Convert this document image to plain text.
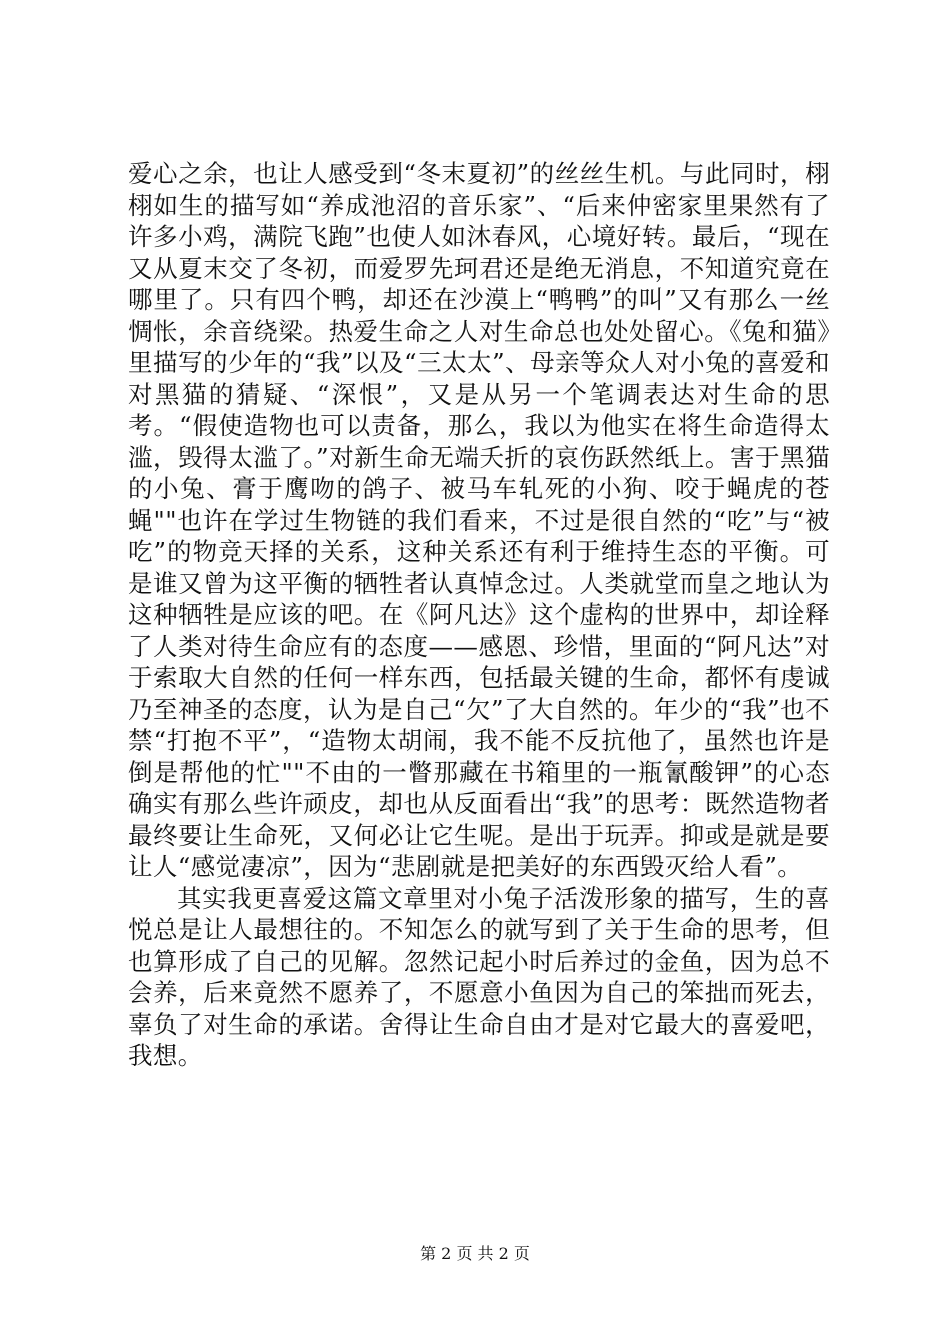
爱心之余，也让人感受到“冬末夏初”的丝丝生机。与此同时，栩栩如生的描写如“养成池沼的音乐家”、“后来仲密家里果然有了许多小鸡，满院飞跑”也使人如沐春风，心境好转。最后，“现在又从夏末交了冬初，而爱罗先珂君还是绝无消息，不知道究竟在哪里了。只有四个鸭，却还在沙漠上“鸭鸭”的叫”又有那么一丝惆怅，余音绕梁。热爱生命之人对生命总也处处留心。《兔和猫》里描写的少年的“我”以及“三太太”、母亲等众人对小兔的喜爱和对黑猫的猜疑、“深恨”，又是从另一个笔调表达对生命的思考。“假使造物也可以责备，那么，我以为他实在将生命造得太滥，毁得太滥了。”对新生命无端夭折的哀伤跃然纸上。害于黑猫的小兔、膏于鹰吻的鸽子、被马车轧死的小狗、咬于蝇虎的苍蝇""也许在学过生物链的我们看来，不过是很自然的“吃”与“被吃”的物竞天择的关系，这种关系还有利于维持生态的平衡。可是谁又曾为这平衡的牺牲者认真悼念过。人类就堂而皇之地认为这种牺牲是应该的吧。在《阿凡达》这个虚构的世界中，却诠释了人类对待生命应有的态度——感恩、珍惜，里面的“阿凡达”对于索取大自然的任何一样东西，包括最关键的生命，都怀有虔诚乃至神圣的态度，认为是自己“欠”了大自然的。年少的“我”也不禁“打抱不平”，“造物太胡闹，我不能不反抗他了，虽然也许是倒是帮他的忙""不由的一瞥那藏在书箱里的一瓶氰酸钾”的心态确实有那么些许顽皮，却也从反面看出“我”的思考：既然造物者最终要让生命死，又何必让它生呢。是出于玩弄。抑或是就是要让人“感觉凄凉”，因为“悲剧就是把美好的东西毁灭给人看”。

其实我更喜爱这篇文章里对小兔子活泼形象的描写，生的喜悦总是让人最想往的。不知怎么的就写到了关于生命的思考，但也算形成了自己的见解。忽然记起小时后养过的金鱼，因为总不会养，后来竟然不愿养了，不愿意小鱼因为自己的笨拙而死去，辜负了对生命的承诺。舍得让生命自由才是对它最大的喜爱吧，我想。

第 2 页 共 2 页
